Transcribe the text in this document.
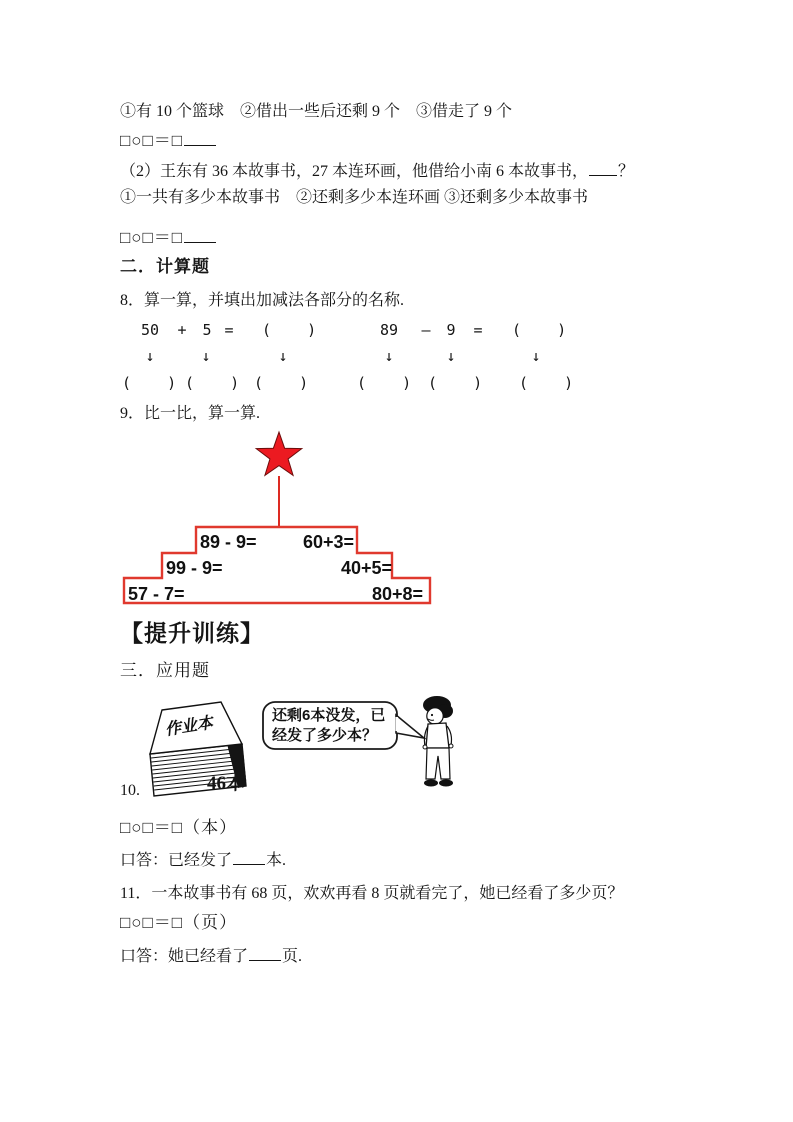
①有 10 个篮球　②借出一些后还剩 9 个　③借走了 9 个
□○□＝□
（2）王东有 36 本故事书，27 本连环画，他借给小南 6 本故事书， ？
①一共有多少本故事书　②还剩多少本连环画 ③还剩多少本故事书
□○□＝□
二．计算题
8．算一算，并填出加减法各部分的名称.
50 + 5 = (    )	89 — 9 = (    )
↓	↓	↓	↓	↓	↓
(    ) (    ) (    )	(    ) (    ) (    )
9．比一比，算一算.
89 - 9=	60+3=
99 - 9=	40+5=
57 - 7=	80+8=
【提升训练】
三．应用题
作业本	还剩6本没发，已
经发了多少本？
46本
10.
□○□＝□（本）
口答：已经发了 本.
11．一本故事书有 68 页，欢欢再看 8 页就看完了，她已经看了多少页？
□○□＝□（页）
口答：她已经看了 页.
